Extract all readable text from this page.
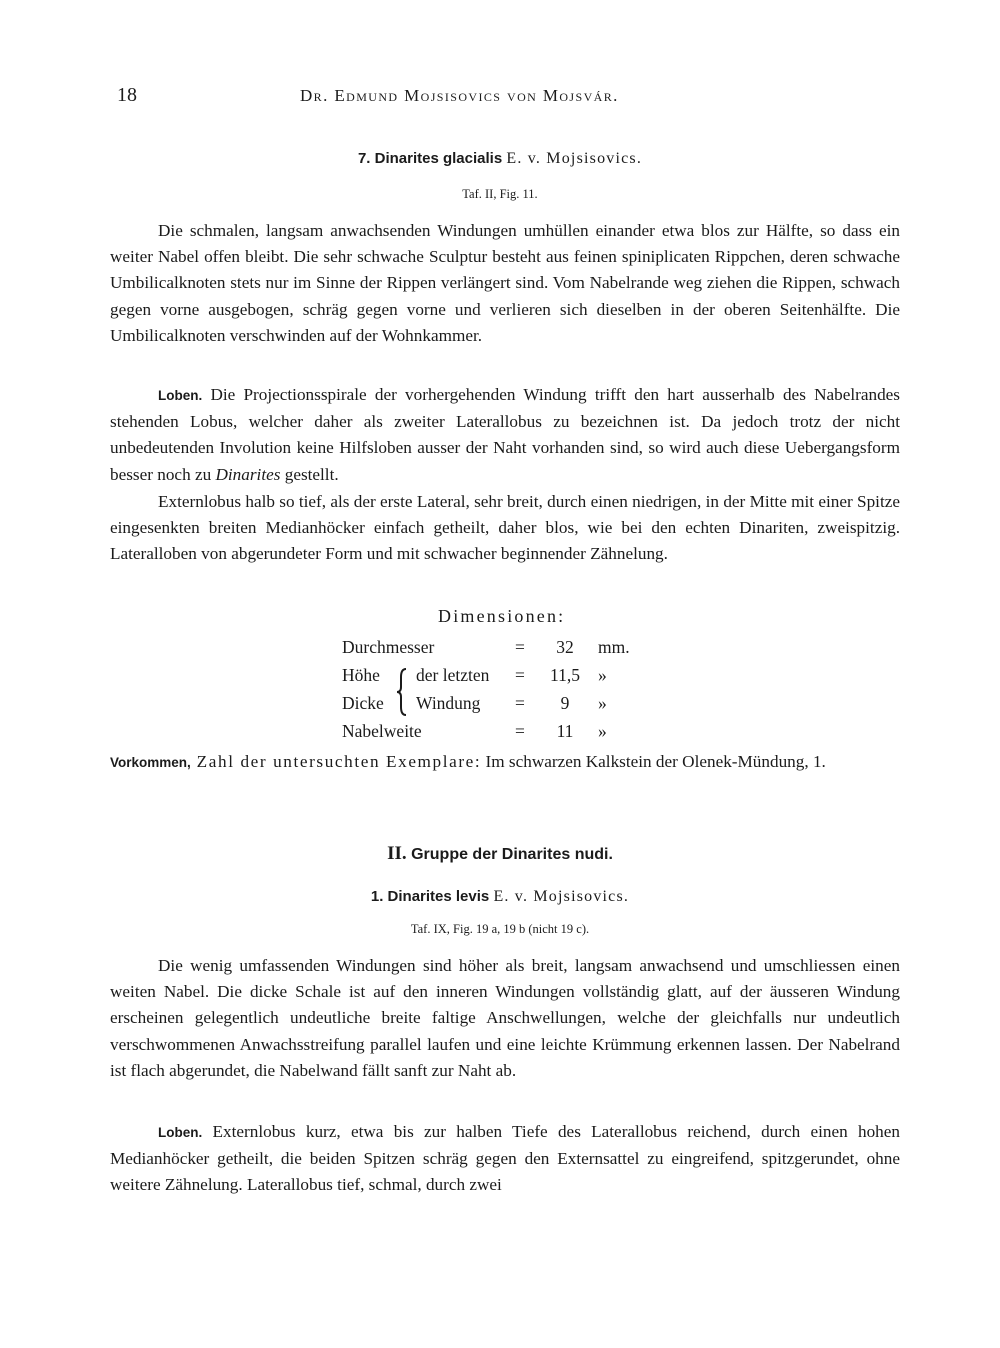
18	Dr. Edmund Mojsisovics von Mojsvár.
7. Dinarites glacialis E. v. Mojsisovics.
Taf. II, Fig. 11.

Die schmalen, langsam anwachsenden Windungen umhüllen einander etwa blos zur Hälfte, so dass ein weiter Nabel offen bleibt. Die sehr schwache Sculptur besteht aus feinen spiniplicaten Rippchen, deren schwache Umbilicalknoten stets nur im Sinne der Rippen verlängert sind. Vom Nabelrande weg ziehen die Rippen, schwach gegen vorne ausgebogen, schräg gegen vorne und verlieren sich dieselben in der oberen Seitenhälfte. Die Umbilicalknoten verschwinden auf der Wohnkammer.

Loben. Die Projectionsspirale der vorhergehenden Windung trifft den hart ausserhalb des Nabelrandes stehenden Lobus, welcher daher als zweiter Laterallobus zu bezeichnen ist. Da jedoch trotz der nicht unbedeutenden Involution keine Hilfsloben ausser der Naht vorhanden sind, so wird auch diese Uebergangsform besser noch zu Dinarites gestellt.

Externlobus halb so tief, als der erste Lateral, sehr breit, durch einen niedrigen, in der Mitte mit einer Spitze eingesenkten breiten Medianhöcker einfach getheilt, daher blos, wie bei den echten Dinariten, zweispitzig. Lateralloben von abgerundeter Form und mit schwacher beginnender Zähnelung.

Dimensionen:
Durchmesser	=	32	mm.
Höhe der letzten =	11,5	»
Dicke Windung =	9	»
Nabelweite	=	11	»

Vorkommen, Zahl der untersuchten Exemplare: Im schwarzen Kalkstein der Olenek-Mündung, 1.

II. Gruppe der Dinarites nudi.
1. Dinarites levis E. v. Mojsisovics.
Taf. IX, Fig. 19 a, 19 b (nicht 19 c).

Die wenig umfassenden Windungen sind höher als breit, langsam anwachsend und umschliessen einen weiten Nabel. Die dicke Schale ist auf den inneren Windungen vollständig glatt, auf der äusseren Windung erscheinen gelegentlich undeutliche breite faltige Anschwellungen, welche der gleichfalls nur undeutlich verschwommenen Anwachsstreifung parallel laufen und eine leichte Krümmung erkennen lassen. Der Nabelrand ist flach abgerundet, die Nabelwand fällt sanft zur Naht ab.

Loben. Externlobus kurz, etwa bis zur halben Tiefe des Laterallobus reichend, durch einen hohen Medianhöcker getheilt, die beiden Spitzen schräg gegen den Externsattel zu eingreifend, spitzgerundet, ohne weitere Zähnelung. Laterallobus tief, schmal, durch zwei
